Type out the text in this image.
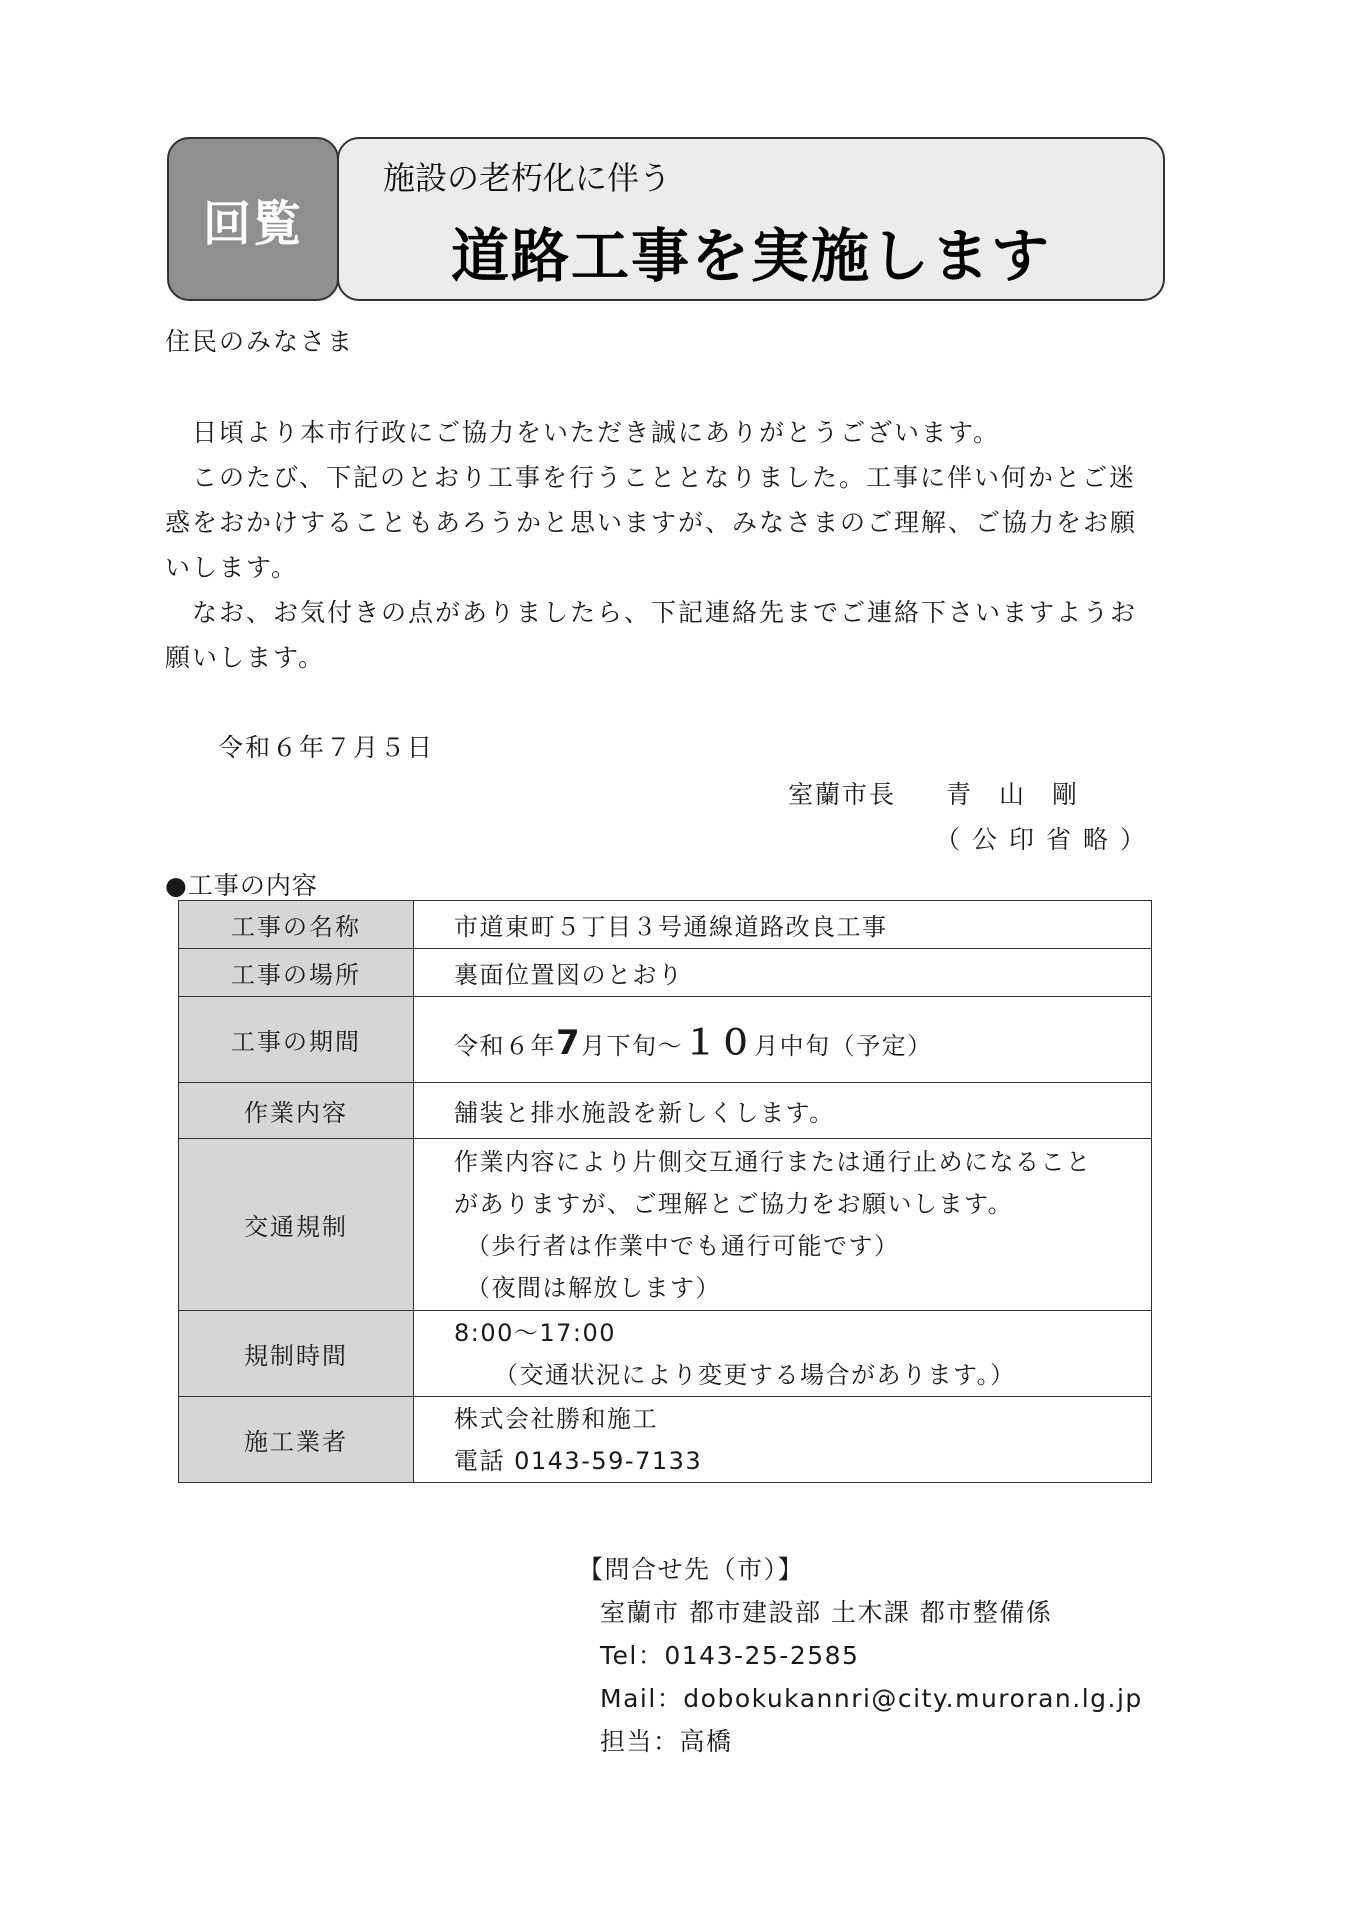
回覧
施設の老朽化に伴う
道路工事を実施します
住民のみなさま

日頃より本市行政にご協力をいただき誠にありがとうございます。

このたび、下記のとおり工事を行うこととなりました。工事に伴い何かとご迷惑をおかけすることもあろうかと思いますが、みなさまのご理解、ご協力をお願いします。

なお、お気付きの点がありましたら、下記連絡先までご連絡下さいますようお願いします。

令和６年７月５日
室蘭市長 青山剛
（公印省略）
●工事の内容
工事の名称	市道東町５丁目３号通線道路改良工事
工事の場所	裏面位置図のとおり
工事の期間	令和６年7月下旬～１０月中旬（予定）
作業内容	舗装と排水施設を新しくします。
交通規制	作業内容により片側交互通行または通行止めになること
がありますが、ご理解とご協力をお願いします。
（歩行者は作業中でも通行可能です）
（夜間は解放します）

規制時間	8:00～17:00
（交通状況により変更する場合があります。）

施工業者	株式会社勝和施工
電話 0143-59-7133
【問合せ先（市）】
室蘭市 都市建設部 土木課 都市整備係
Tel：0143-25-2585
Mail：dobokukannri@city.muroran.lg.jp
担当：高橋
